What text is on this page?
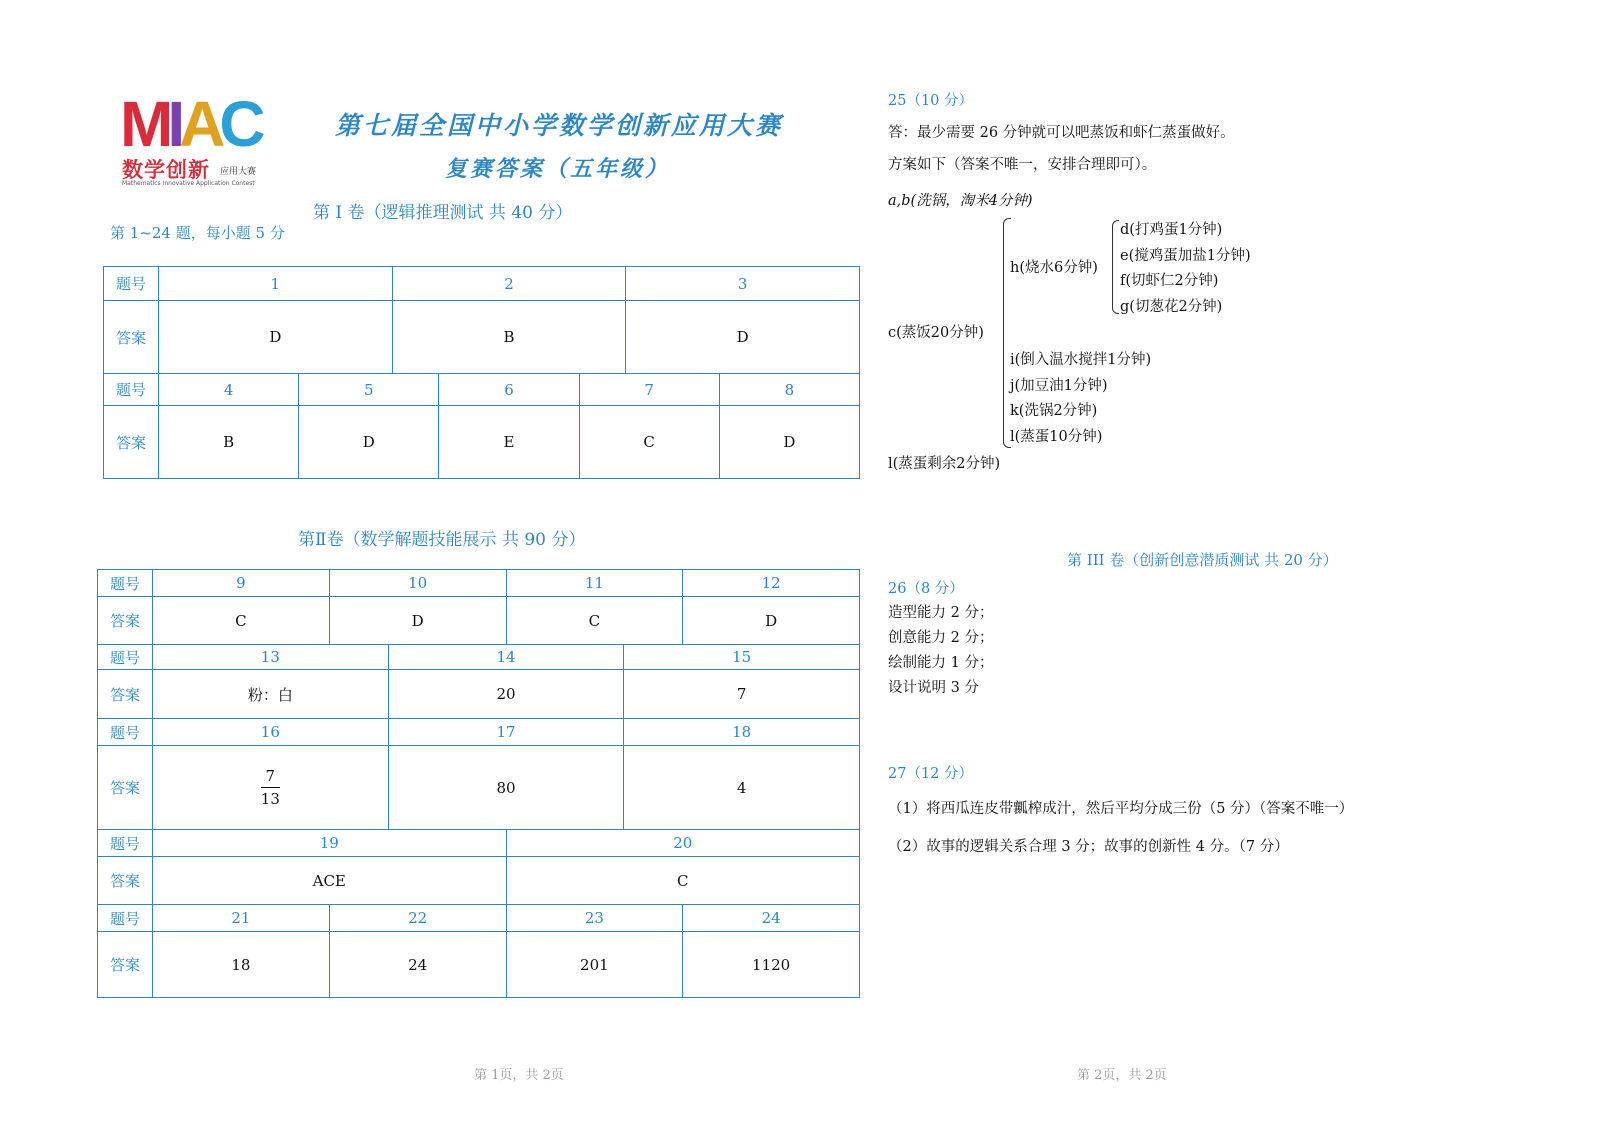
MIAC
数学创新 应用大赛
Mathematics Innovative Application Contest
第七届全国中小学数学创新应用大赛
复赛答案（五年级）
第 I 卷（逻辑推理测试 共 40 分）
第 1~24 题，每小题 5 分
题号	1	2	3
答案	D	B	D
题号	4	5	6	7	8
答案	B	D	E	C	D
第Ⅱ卷（数学解题技能展示 共 90 分）
题号	9	10	11	12
答案	C	D	C	D
题号	13	14	15
答案	粉：白	20	7
题号	16	17	18
答案	$\frac{7}{13}$	80	4
题号	19	20
答案	ACE	C
题号	21	22	23	24
答案	18	24	201	1120
25（10 分）
答：最少需要 26 分钟就可以吧蒸饭和虾仁蒸蛋做好。
方案如下（答案不唯一，安排合理即可）。
a,b(洗锅，淘米4分钟)
c(蒸饭20分钟)
h(烧水6分钟)
d(打鸡蛋1分钟)
e(搅鸡蛋加盐1分钟)
f(切虾仁2分钟)
g(切葱花2分钟)
i(倒入温水搅拌1分钟)
j(加豆油1分钟)
k(洗锅2分钟)
l(蒸蛋10分钟)
l(蒸蛋剩余2分钟)
第 III 卷（创新创意潜质测试 共 20 分）
26（8 分）
造型能力 2 分；
创意能力 2 分；
绘制能力 1 分；
设计说明 3 分
27（12 分）
（1）将西瓜连皮带瓤榨成汁，然后平均分成三份（5 分）（答案不唯一）
（2）故事的逻辑关系合理 3 分；故事的创新性 4 分。（7 分）
第 1页，共 2页	第 2页，共 2页
